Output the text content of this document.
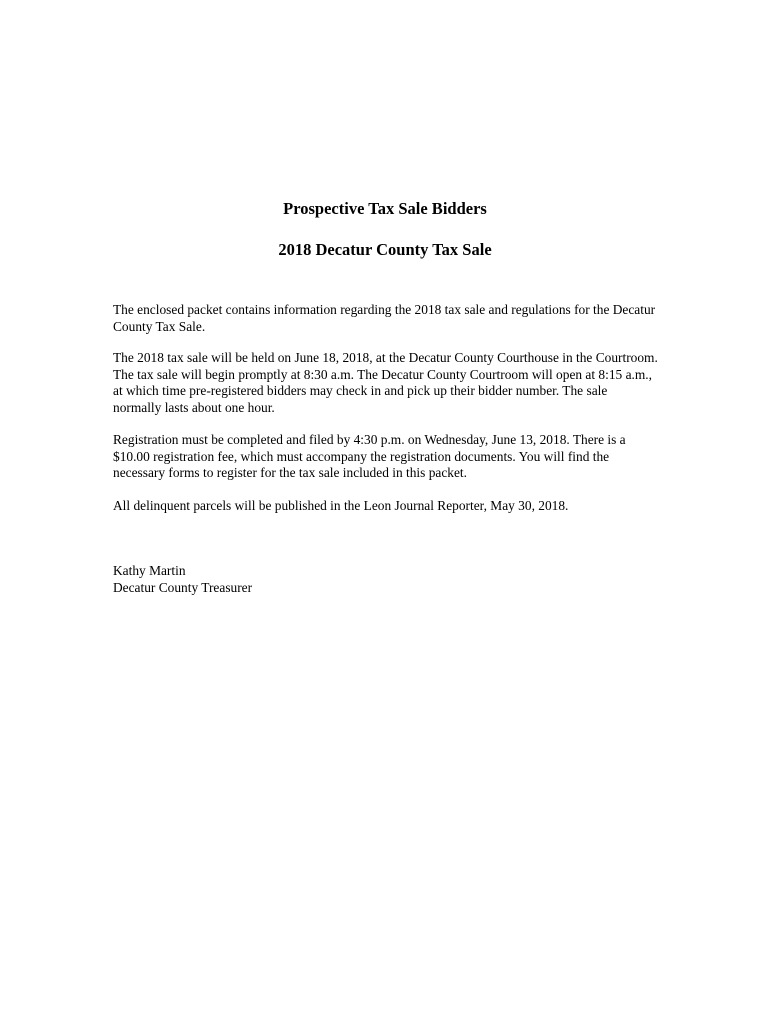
Prospective Tax Sale Bidders
2018 Decatur County Tax Sale

The enclosed packet contains information regarding the 2018 tax sale and regulations for the Decatur County Tax Sale.

The 2018 tax sale will be held on June 18, 2018, at the Decatur County Courthouse in the Courtroom. The tax sale will begin promptly at 8:30 a.m. The Decatur County Courtroom will open at 8:15 a.m., at which time pre-registered bidders may check in and pick up their bidder number. The sale normally lasts about one hour.

Registration must be completed and filed by 4:30 p.m. on Wednesday, June 13, 2018. There is a $10.00 registration fee, which must accompany the registration documents. You will find the necessary forms to register for the tax sale included in this packet.

All delinquent parcels will be published in the Leon Journal Reporter, May 30, 2018.

Kathy Martin

Decatur County Treasurer
